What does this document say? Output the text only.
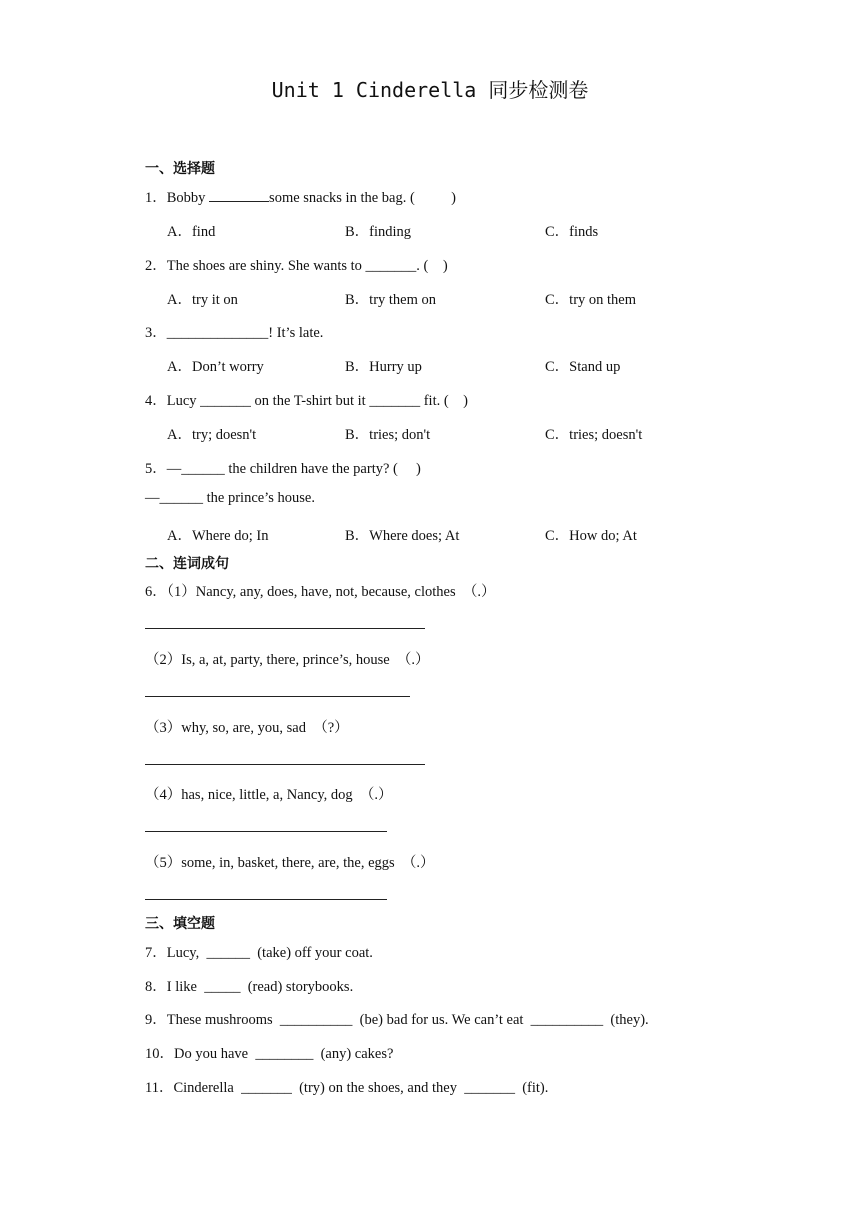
Unit 1 Cinderella 同步检测卷
一、选择题
1．Bobby	some snacks in the bag. (          )
A．find	B．finding	C．finds
2．The shoes are shiny. She wants to _______. (    )
A．try it on	B．try them on	C．try on them
3．______________! It’s late.
A．Don’t worry	B．Hurry up	C．Stand up
4．Lucy _______ on the T-shirt but it _______ fit. (    )
A．try; doesn't	B．tries; don't	C．tries; doesn't
5．—______ the children have the party? (     )
—______ the prince’s house.
A．Where do; In	B．Where does; At	C．How do; At
二、连词成句
6．（1）Nancy, any, does, have, not, because, clothes  （.）
（2）Is, a, at, party, there, prince’s, house  （.）
（3）why, so, are, you, sad  （?）
（4）has, nice, little, a, Nancy, dog  （.）
（5）some, in, basket, there, are, the, eggs  （.）
三、填空题
7．Lucy,  ______  (take) off your coat.
8．I like  _____  (read) storybooks.
9．These mushrooms  __________  (be) bad for us. We can’t eat  __________  (they).
10．Do you have  ________  (any) cakes?
11．Cinderella  _______  (try) on the shoes, and they  _______  (fit).
